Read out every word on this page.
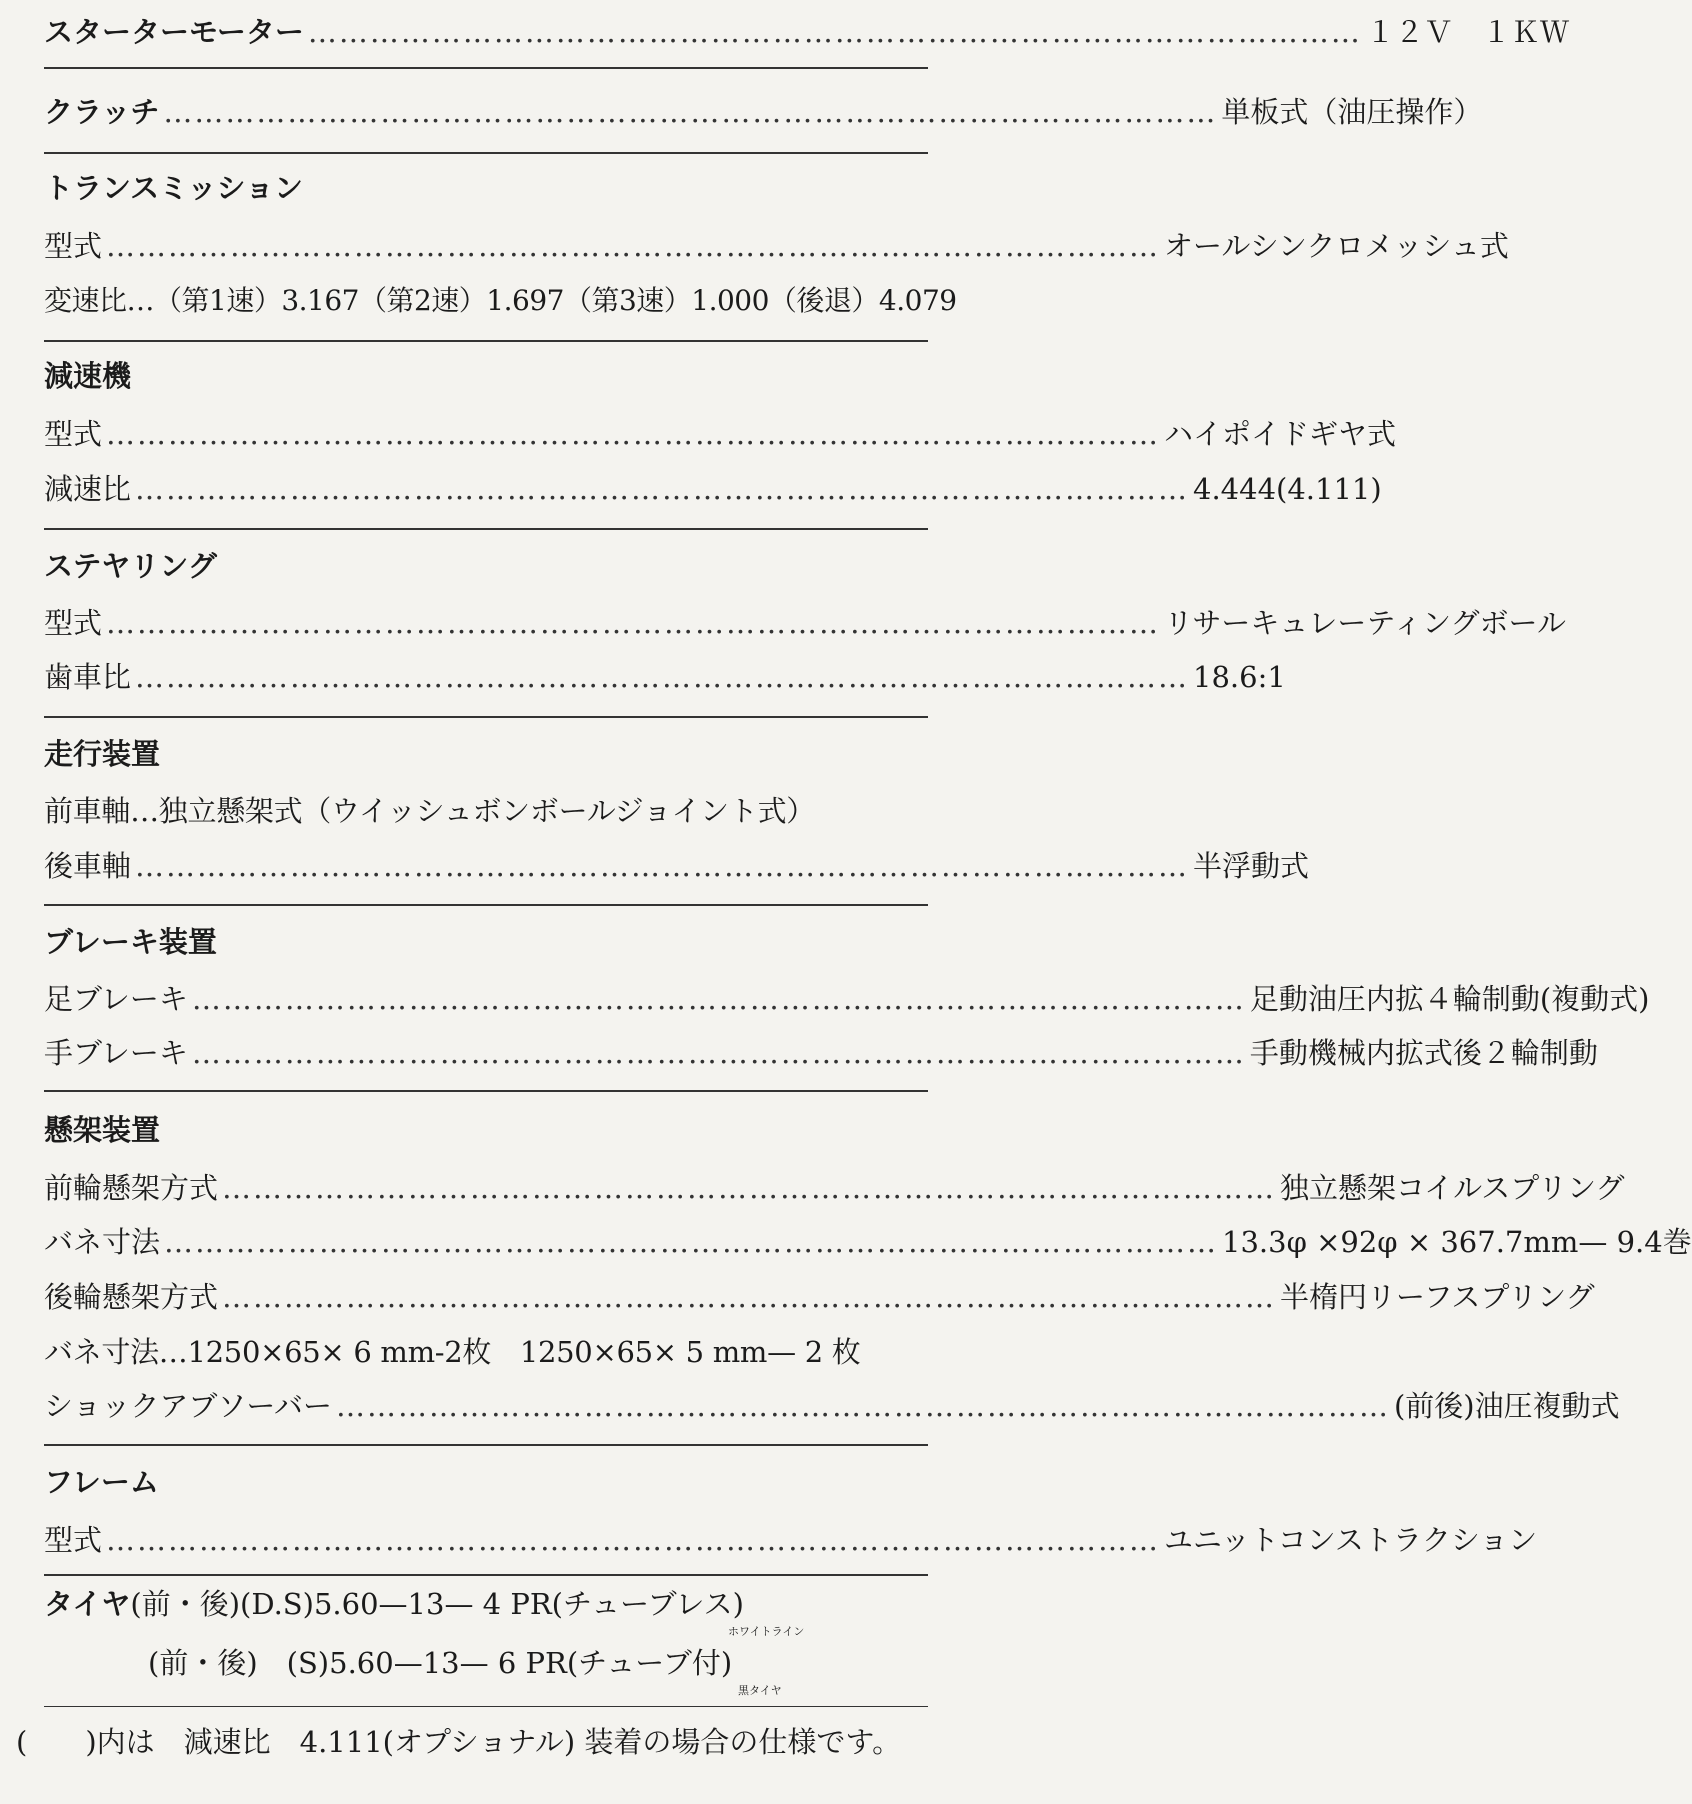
スターターモーター ………………………………………………………………………………………… １２Ｖ　１ＫＷ
クラッチ ………………………………………………………………………………………… 単板式（油圧操作）
トランスミッション
型式 ………………………………………………………………………………………… オールシンクロメッシュ式
変速比…（第1速）3.167（第2速）1.697（第3速）1.000（後退）4.079
減速機
型式 ………………………………………………………………………………………… ハイポイドギヤ式
減速比 ………………………………………………………………………………………… 4.444(4.111)
ステヤリング
型式 ………………………………………………………………………………………… リサーキュレーティングボール
歯車比 ………………………………………………………………………………………… 18.6:1
走行装置
前車軸…独立懸架式（ウイッシュボンボールジョイント式）
後車軸 ………………………………………………………………………………………… 半浮動式
ブレーキ装置
足ブレーキ ………………………………………………………………………………………… 足動油圧内拡４輪制動(複動式)
手ブレーキ ………………………………………………………………………………………… 手動機械内拡式後２輪制動
懸架装置
前輪懸架方式 ………………………………………………………………………………………… 独立懸架コイルスプリング
バネ寸法 ………………………………………………………………………………………… 13.3φ ×92φ × 367.7mm— 9.4巻
後輪懸架方式 ………………………………………………………………………………………… 半楕円リーフスプリング
バネ寸法…1250×65× 6 mm-2枚　1250×65× 5 mm— 2 枚
ショックアブソーバー ………………………………………………………………………………………… (前後)油圧複動式
フレーム
型式 ………………………………………………………………………………………… ユニットコンストラクション
タイヤ(前・後)(D.S)5.60—13— 4 PR(チューブレス)
ホワイトライン
(前・後)　(S)5.60—13— 6 PR(チューブ付)
黒タイヤ
(　　)内は　減速比　4.111(オプショナル) 装着の場合の仕様です。
